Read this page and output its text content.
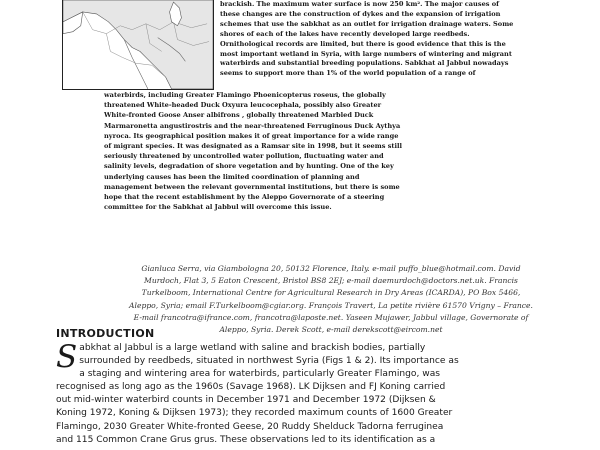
brackish. The maximum water surface is now 250 km². The major causes of
these changes are the construction of dykes and the expansion of irrigation
schemes that use the sabkhat as an outlet for irrigation drainage waters. Some
shores of each of the lakes have recently developed large reedbeds.
Ornithological records are limited, but there is good evidence that this is the
most important wetland in Syria, with large numbers of wintering and migrant
waterbirds and substantial breeding populations. Sabkhat al Jabbul nowadays
seems to support more than 1% of the world population of a range of
waterbirds, including Greater Flamingo Phoenicopterus roseus, the globally
threatened White-headed Duck Oxyura leucocephala, possibly also Greater
White-fronted Goose Anser albifrons , globally threatened Marbled Duck
Marmaronetta angustirostris and the near-threatened Ferruginous Duck Aythya
nyroca. Its geographical position makes it of great importance for a wide range
of migrant species. It was designated as a Ramsar site in 1998, but it seems still
seriously threatened by uncontrolled water pollution, fluctuating water and
salinity levels, degradation of shore vegetation and by hunting. One of the key
underlying causes has been the limited coordination of planning and
management between the relevant governmental institutions, but there is some
hope that the recent establishment by the Aleppo Governorate of a steering
committee for the Sabkhat al Jabbul will overcome this issue.
Gianluca Serra, via Giambologna 20, 50132 Florence, Italy. e-mail puffo_blue@hotmail.com. David
Murdoch, Flat 3, 5 Eaton Crescent, Bristol BS8 2EJ; e-mail daemurdoch@doctors.net.uk. Francis
Turkelboom, International Centre for Agricultural Research in Dry Areas (ICARDA), PO Box 5466,
Aleppo, Syria; email F.Turkelboom@cgiar.org. François Travert, La petite rivière 61570 Vrigny – France.
E-mail francotra@ifrance.com, francotra@laposte.net. Yaseen Mujawer, Jabbul village, Governorate of
Aleppo, Syria. Derek Scott, e-mail derekscott@eircom.net
INTRODUCTION
S abkhat al Jabbul is a large wetland with saline and brackish bodies, partially
surrounded by reedbeds, situated in northwest Syria (Figs 1 & 2). Its importance as
a staging and wintering area for waterbirds, particularly Greater Flamingo, was
recognised as long ago as the 1960s (Savage 1968). LK Dijksen and FJ Koning carried
out mid-winter waterbird counts in December 1971 and December 1972 (Dijksen &
Koning 1972, Koning & Dijksen 1973); they recorded maximum counts of 1600 Greater
Flamingo, 2030 Greater White-fronted Geese, 20 Ruddy Shelduck Tadorna ferruginea
and 115 Common Crane Grus grus. These observations led to its identification as a
